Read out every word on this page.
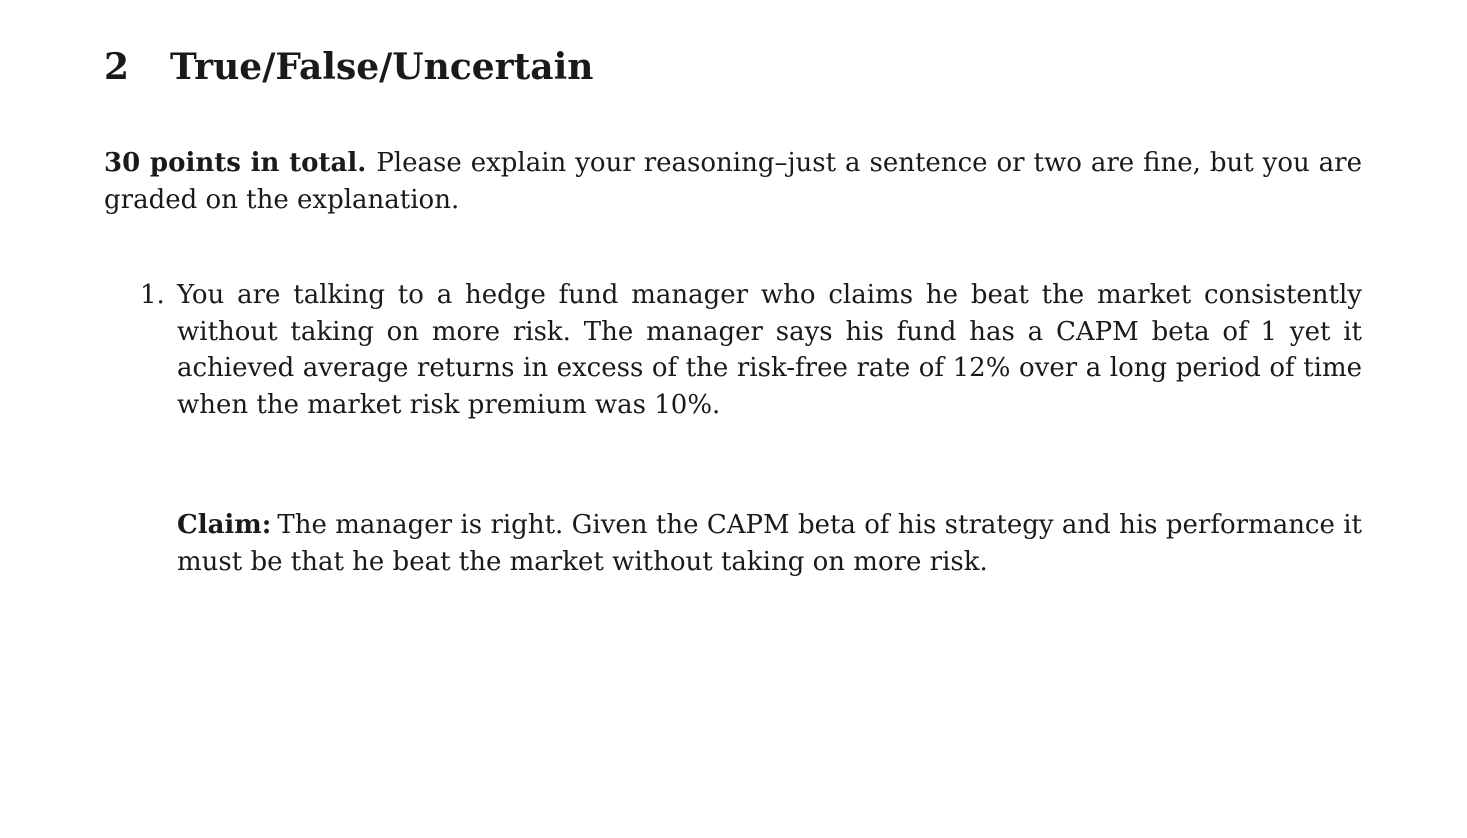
2 True/False/Uncertain

30 points in total. Please explain your reasoning–just a sentence or two are fine, but you are graded on the explanation.

1. You are talking to a hedge fund manager who claims he beat the market consistently without taking on more risk. The manager says his fund has a CAPM beta of 1 yet it achieved average returns in excess of the risk-free rate of 12% over a long period of time when the market risk premium was 10%.

Claim: The manager is right. Given the CAPM beta of his strategy and his performance it must be that he beat the market without taking on more risk.
